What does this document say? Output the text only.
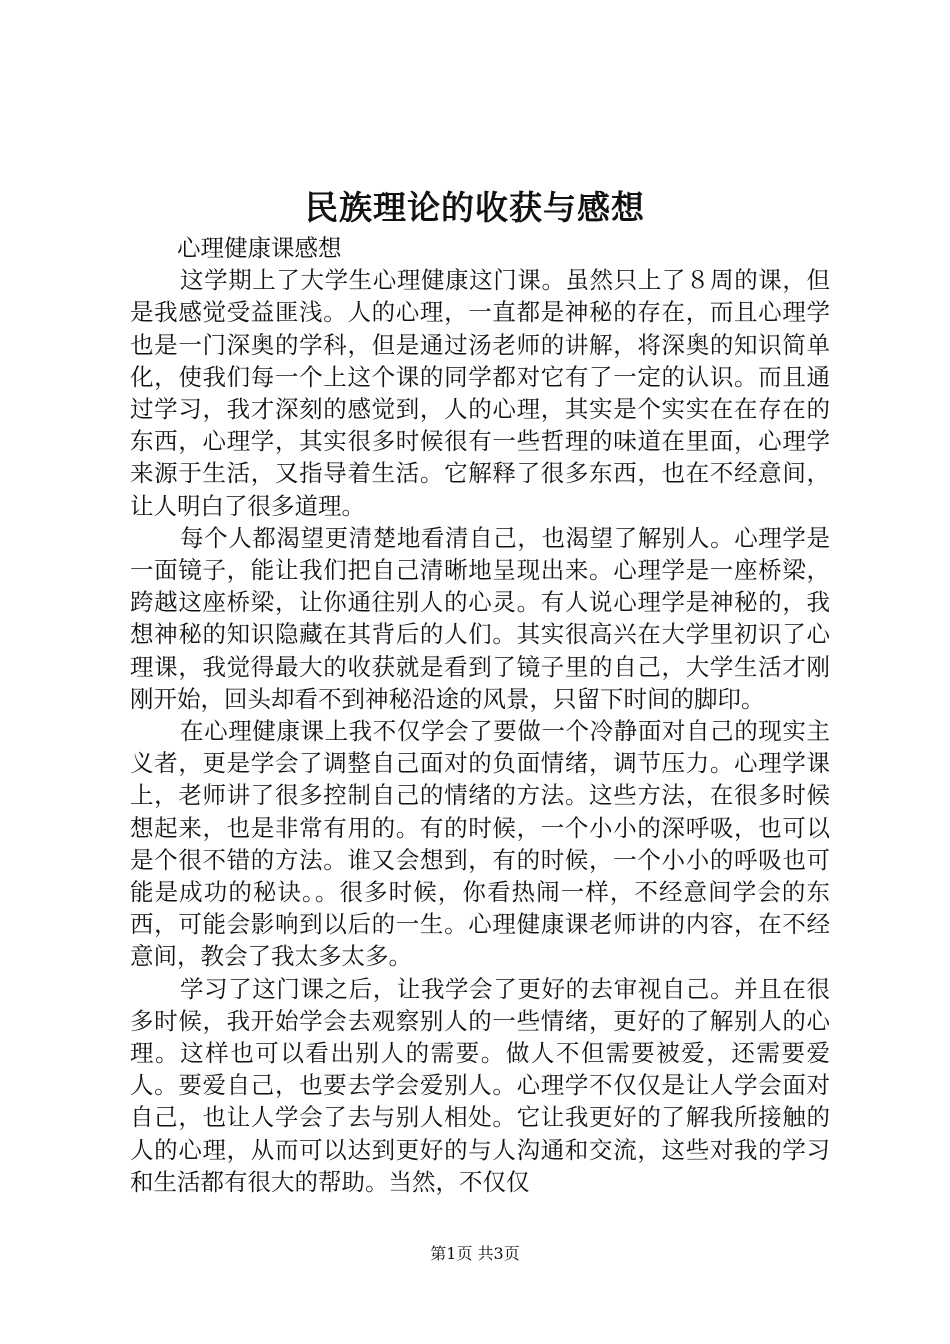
民族理论的收获与感想

心理健康课感想

这学期上了大学生心理健康这门课。虽然只上了８周的课，但是我感觉受益匪浅。人的心理，一直都是神秘的存在，而且心理学也是一门深奥的学科，但是通过汤老师的讲解，将深奥的知识简单化，使我们每一个上这个课的同学都对它有了一定的认识。而且通过学习，我才深刻的感觉到，人的心理，其实是个实实在在存在的东西，心理学，其实很多时候很有一些哲理的味道在里面，心理学来源于生活，又指导着生活。它解释了很多东西，也在不经意间，让人明白了很多道理。

每个人都渴望更清楚地看清自己，也渴望了解别人。心理学是一面镜子，能让我们把自己清晰地呈现出来。心理学是一座桥梁，跨越这座桥梁，让你通往别人的心灵。有人说心理学是神秘的，我想神秘的知识隐藏在其背后的人们。其实很高兴在大学里初识了心理课，我觉得最大的收获就是看到了镜子里的自己，大学生活才刚刚开始，回头却看不到神秘沿途的风景，只留下时间的脚印。

在心理健康课上我不仅学会了要做一个冷静面对自己的现实主义者，更是学会了调整自己面对的负面情绪，调节压力。心理学课上，老师讲了很多控制自己的情绪的方法。这些方法，在很多时候想起来，也是非常有用的。有的时候，一个小小的深呼吸，也可以是个很不错的方法。谁又会想到，有的时候，一个小小的呼吸也可能是成功的秘诀。。很多时候，你看热闹一样，不经意间学会的东西，可能会影响到以后的一生。心理健康课老师讲的内容，在不经意间，教会了我太多太多。

学习了这门课之后，让我学会了更好的去审视自己。并且在很多时候，我开始学会去观察别人的一些情绪，更好的了解别人的心理。这样也可以看出别人的需要。做人不但需要被爱，还需要爱人。要爱自己，也要去学会爱别人。心理学不仅仅是让人学会面对自己，也让人学会了去与别人相处。它让我更好的了解我所接触的人的心理，从而可以达到更好的与人沟通和交流，这些对我的学习和生活都有很大的帮助。当然，不仅仅

第1页 共3页
